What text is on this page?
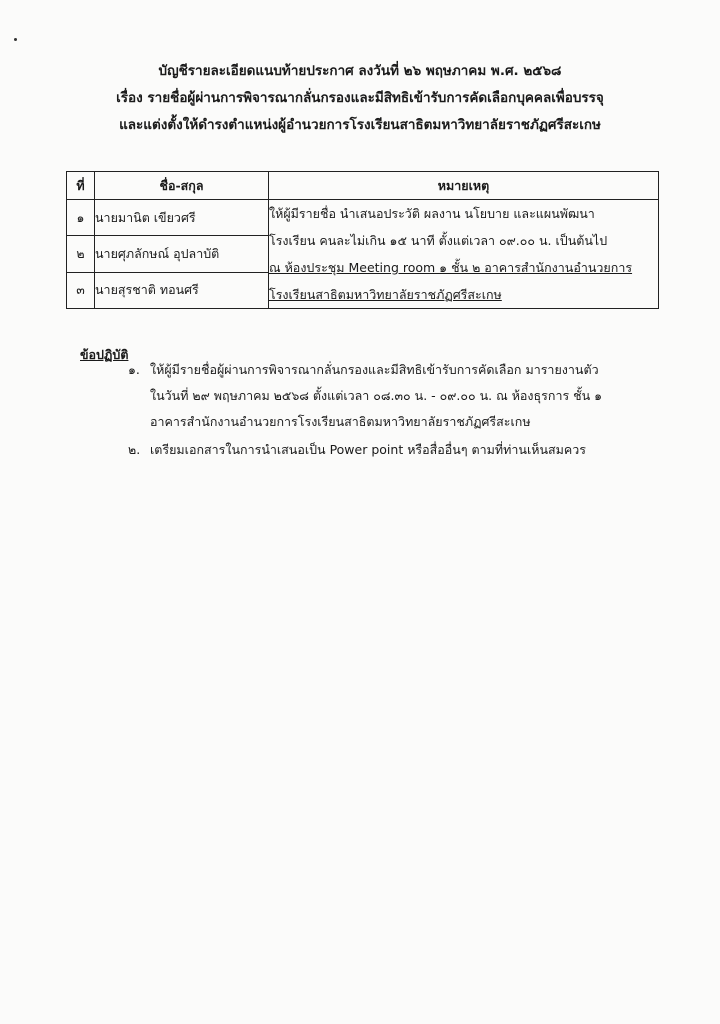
บัญชีรายละเอียดแนบท้ายประกาศ ลงวันที่ ๒๖ พฤษภาคม พ.ศ. ๒๕๖๘
เรื่อง รายชื่อผู้ผ่านการพิจารณากลั่นกรองและมีสิทธิเข้ารับการคัดเลือกบุคคลเพื่อบรรจุ
และแต่งตั้งให้ดำรงตำแหน่งผู้อำนวยการโรงเรียนสาธิตมหาวิทยาลัยราชภัฏศรีสะเกษ
ที่	ชื่อ-สกุล	หมายเหตุ
๑	นายมานิต เขียวศรี	ให้ผู้มีรายชื่อ นำเสนอประวัติ ผลงาน นโยบาย และแผนพัฒนา
โรงเรียน คนละไม่เกิน ๑๕ นาที ตั้งแต่เวลา ๐๙.๐๐ น. เป็นต้นไป
ณ ห้องประชุม Meeting room ๑ ชั้น ๒ อาคารสำนักงานอำนวยการ
โรงเรียนสาธิตมหาวิทยาลัยราชภัฏศรีสะเกษ

๒	นายศุภลักษณ์ อุปลาบัติ	
๓	นายสุรชาติ ทอนศรี	
ข้อปฏิบัติ
๑. ให้ผู้มีรายชื่อผู้ผ่านการพิจารณากลั่นกรองและมีสิทธิเข้ารับการคัดเลือก มารายงานตัว
ในวันที่ ๒๙ พฤษภาคม ๒๕๖๘ ตั้งแต่เวลา ๐๘.๓๐ น. - ๐๙.๐๐ น. ณ ห้องธุรการ ชั้น ๑
อาคารสำนักงานอำนวยการโรงเรียนสาธิตมหาวิทยาลัยราชภัฏศรีสะเกษ
๒. เตรียมเอกสารในการนำเสนอเป็น Power point หรือสื่ออื่นๆ ตามที่ท่านเห็นสมควร
